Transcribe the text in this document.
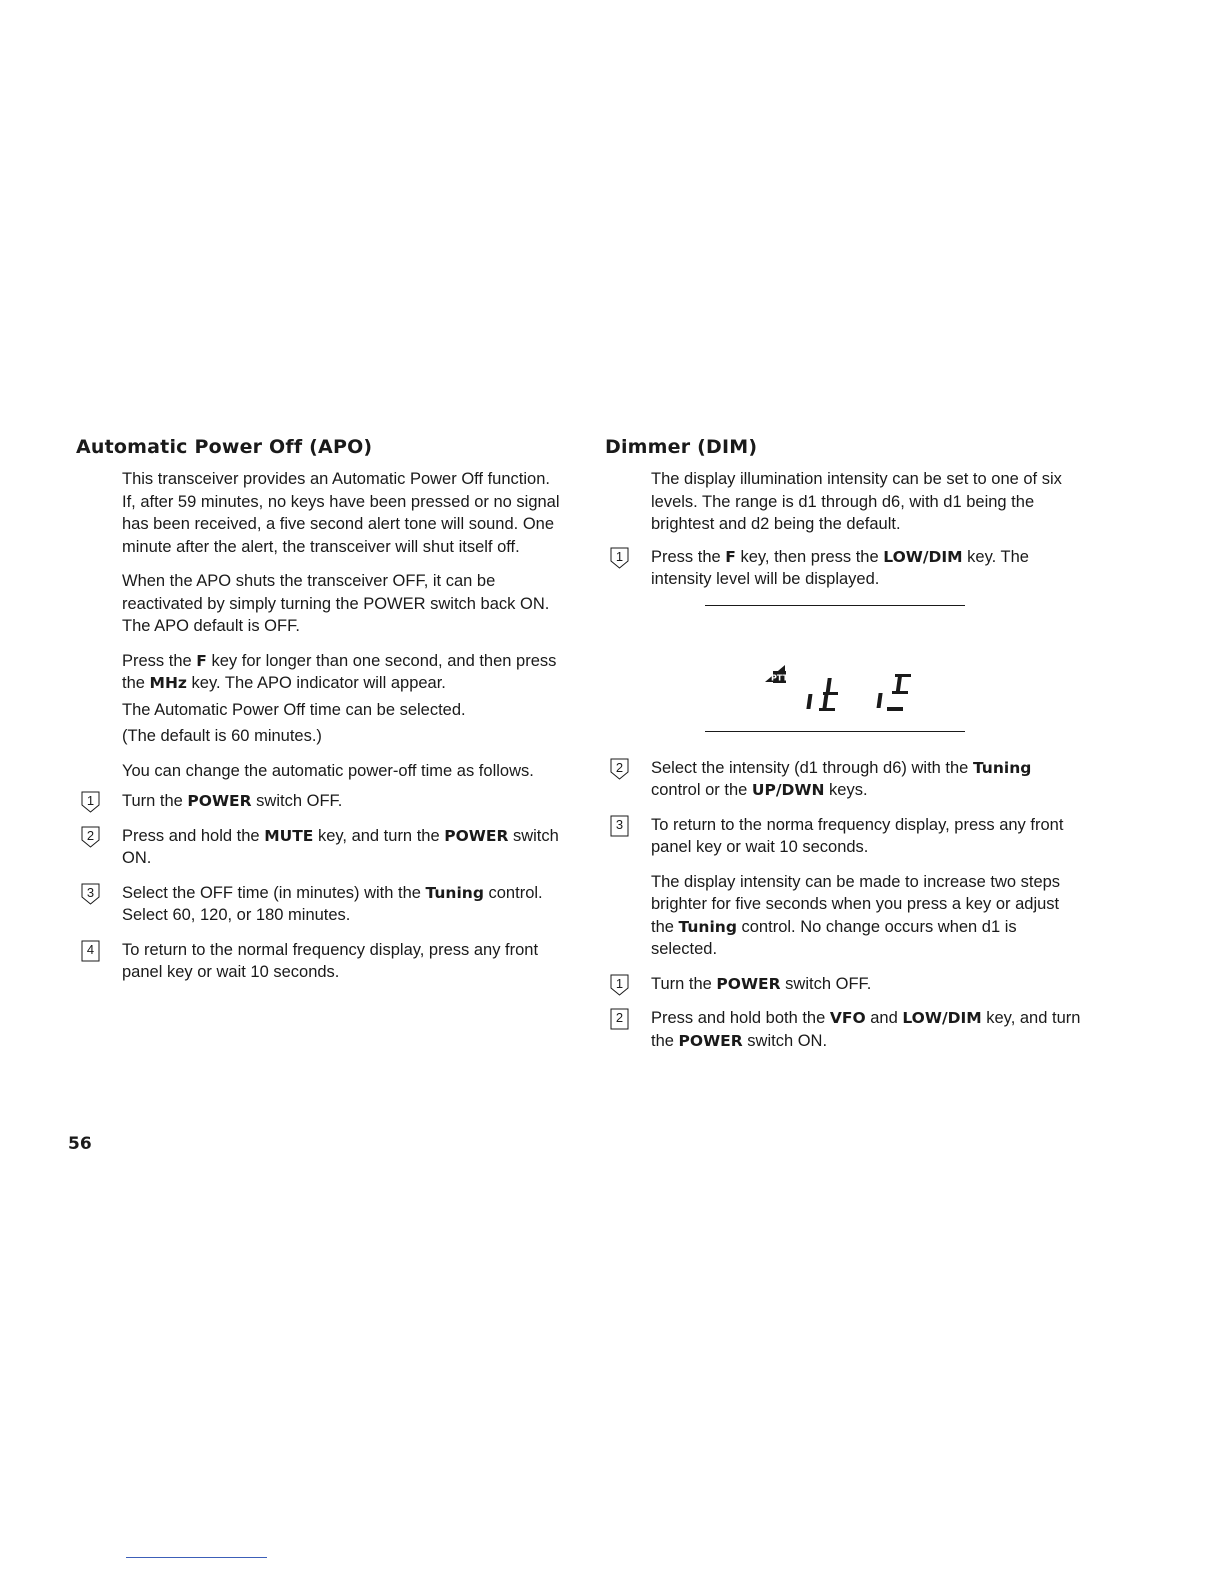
Automatic Power Off (APO)

This transceiver provides an Automatic Power Off function. If, after 59 minutes, no keys have been pressed or no signal has been received, a five second alert tone will sound. One minute after the alert, the transceiver will shut itself off.

When the APO shuts the transceiver OFF, it can be reactivated by simply turning the POWER switch back ON. The APO default is OFF.

Press the F key for longer than one second, and then press the MHz key. The APO indicator will appear.

The Automatic Power Off time can be selected.

(The default is 60 minutes.)

You can change the automatic power-off time as follows.

1	Turn the POWER switch OFF.
2	Press and hold the MUTE key, and turn the POWER switch ON.
3	Select the OFF time (in minutes) with the Tuning control.
Select 60, 120, or 180 minutes.
4	To return to the normal frequency display, press any front panel key or wait 10 seconds.
Dimmer (DIM)

The display illumination intensity can be set to one of six levels. The range is d1 through d6, with d1 being the brightest and d2 being the default.

1	Press the F key, then press the LOW/DIM key. The intensity level will be displayed.
PTT
d 2
2	Select the intensity (d1 through d6) with the Tuning control or the UP/DWN keys.
3	To return to the norma frequency display, press any front panel key or wait 10 seconds.

The display intensity can be made to increase two steps brighter for five seconds when you press a key or adjust the Tuning control. No change occurs when d1 is selected.

1	Turn the POWER switch OFF.
2	Press and hold both the VFO and LOW/DIM key, and turn the POWER switch ON.
56
